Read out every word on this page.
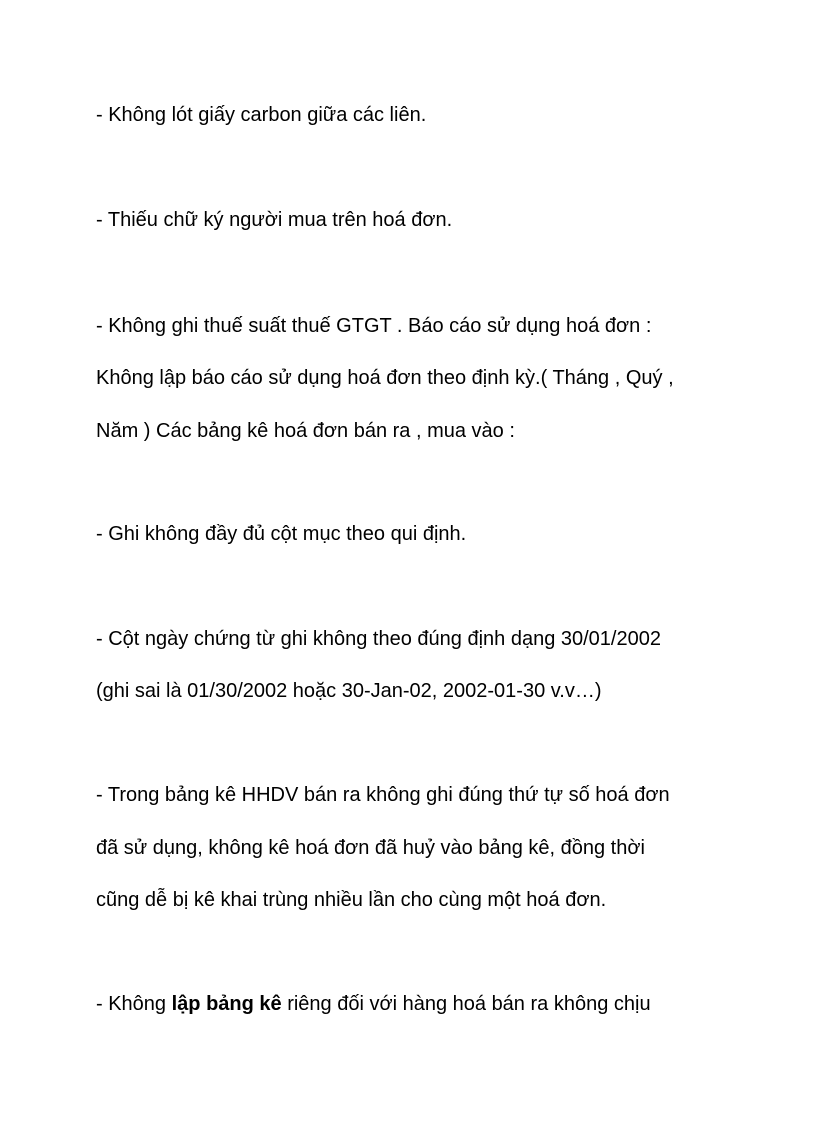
- Không lót giấy carbon giữa các liên.

- Thiếu chữ ký người mua trên hoá đơn.

- Không ghi thuế suất thuế GTGT . Báo cáo sử dụng hoá đơn :

Không lập báo cáo sử dụng hoá đơn theo định kỳ.( Tháng , Quý ,

Năm ) Các bảng kê hoá đơn bán ra , mua vào :

- Ghi không đầy đủ cột mục theo qui định.

- Cột ngày chứng từ ghi không theo đúng định dạng 30/01/2002

(ghi sai là 01/30/2002 hoặc 30-Jan-02, 2002-01-30 v.v…)

- Trong bảng kê HHDV bán ra không ghi đúng thứ tự số hoá đơn

đã sử dụng, không kê hoá đơn đã huỷ vào bảng kê, đồng thời

cũng dễ bị kê khai trùng nhiều lần cho cùng một hoá đơn.

- Không lập bảng kê riêng đối với hàng hoá bán ra không chịu
